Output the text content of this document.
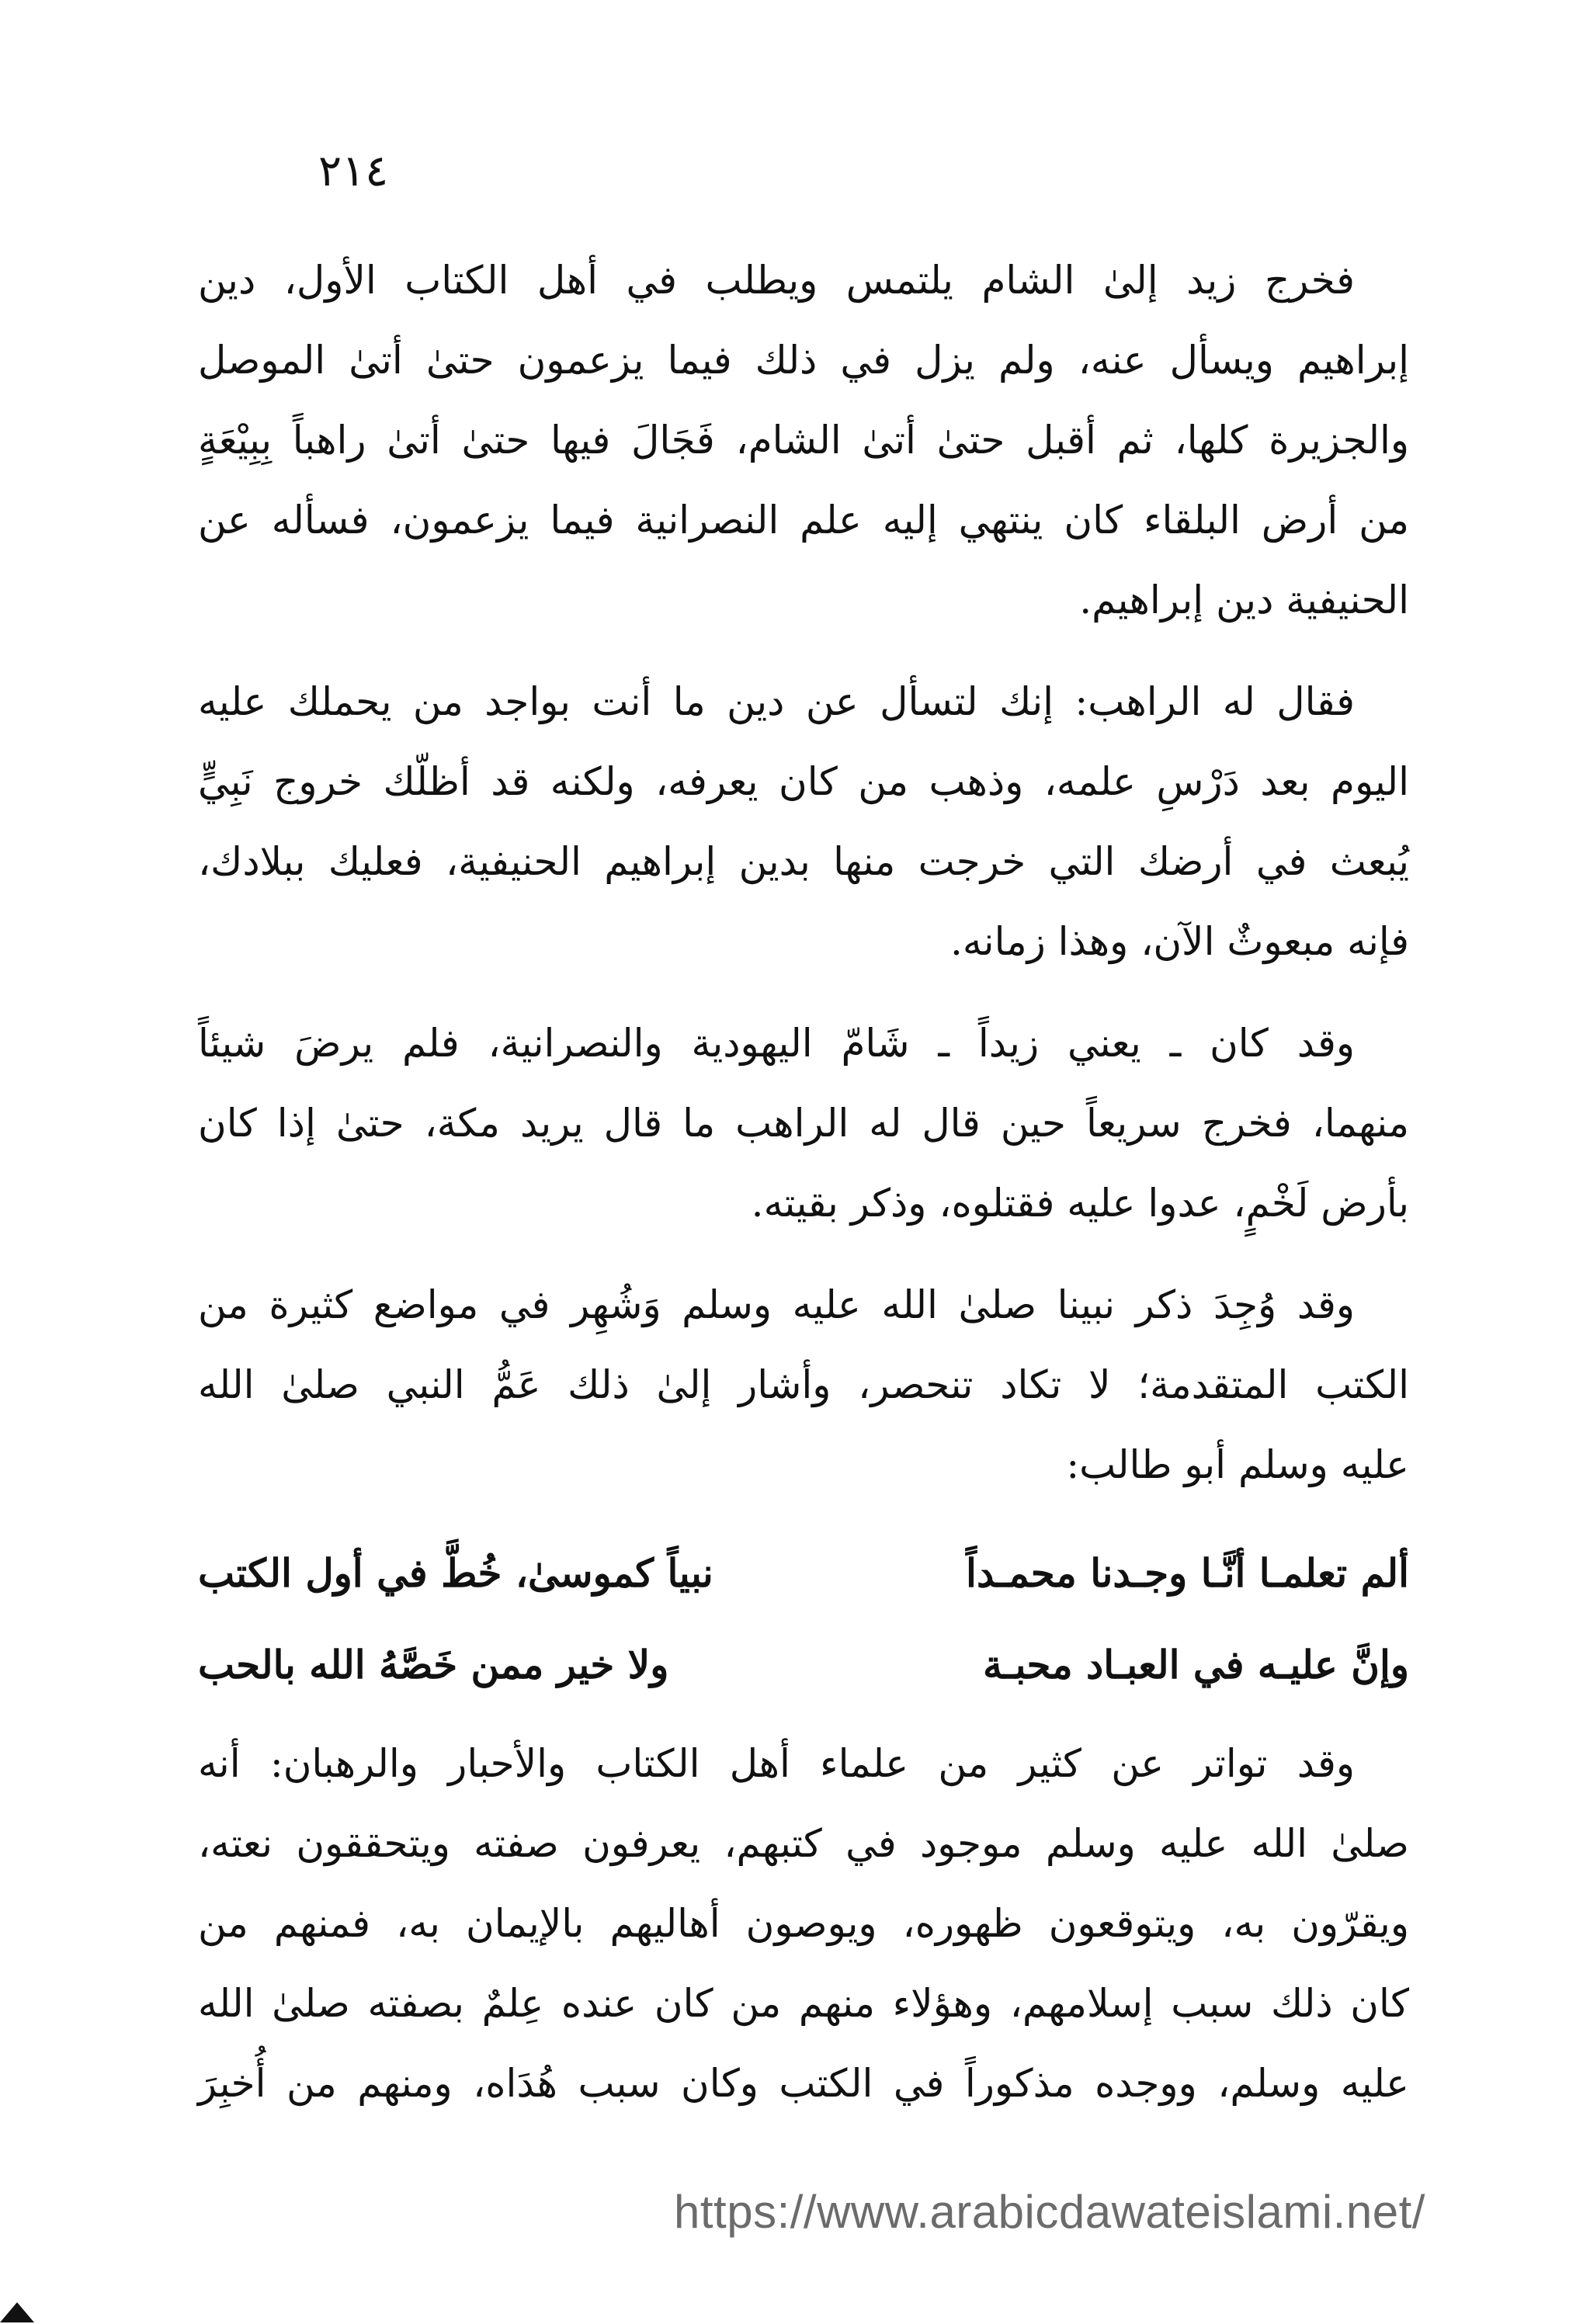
٢١٤

فخرج زيد إلىٰ الشام يلتمس ويطلب في أهل الكتاب الأول، دين
إبراهيم ويسأل عنه، ولم يزل في ذلك فيما يزعمون حتىٰ أتىٰ الموصل
والجزيرة كلها، ثم أقبل حتىٰ أتىٰ الشام، فَجَالَ فيها حتىٰ أتىٰ راهباً بِبِيْعَةٍ
من أرض البلقاء كان ينتهي إليه علم النصرانية فيما يزعمون، فسأله عن
الحنيفية دين إبراهيم.

فقال له الراهب: إنك لتسأل عن دين ما أنت بواجد من يحملك عليه
اليوم بعد دَرْسِ علمه، وذهب من كان يعرفه، ولكنه قد أظلّك خروج نَبِيٍّ
يُبعث في أرضك التي خرجت منها بدين إبراهيم الحنيفية، فعليك ببلادك،
فإنه مبعوثٌ الآن، وهذا زمانه.

وقد كان ـ يعني زيداً ـ شَامّ اليهودية والنصرانية، فلم يرضَ شيئاً
منهما، فخرج سريعاً حين قال له الراهب ما قال يريد مكة، حتىٰ إذا كان
بأرض لَخْمٍ، عدوا عليه فقتلوه، وذكر بقيته.

وقد وُجِدَ ذكر نبينا صلىٰ الله عليه وسلم وَشُهِر في مواضع كثيرة من
الكتب المتقدمة؛ لا تكاد تنحصر، وأشار إلىٰ ذلك عَمُّ النبي صلىٰ الله
عليه وسلم أبو طالب:

ألم تعلمـا أنَّـا وجـدنا محمـداً
نبياً كموسىٰ، خُطَّ في أول الكتب
وإنَّ عليـه في العبـاد محبـة
ولا خير ممن خَصَّهُ الله بالحب

وقد تواتر عن كثير من علماء أهل الكتاب والأحبار والرهبان: أنه
صلىٰ الله عليه وسلم موجود في كتبهم، يعرفون صفته ويتحققون نعته،
ويقرّون به، ويتوقعون ظهوره، ويوصون أهاليهم بالإيمان به، فمنهم من
كان ذلك سبب إسلامهم، وهؤلاء منهم من كان عنده عِلمٌ بصفته صلىٰ الله
عليه وسلم، ووجده مذكوراً في الكتب وكان سبب هُدَاه، ومنهم من أُخبِرَ

https://www.arabicdawateislami.net/
